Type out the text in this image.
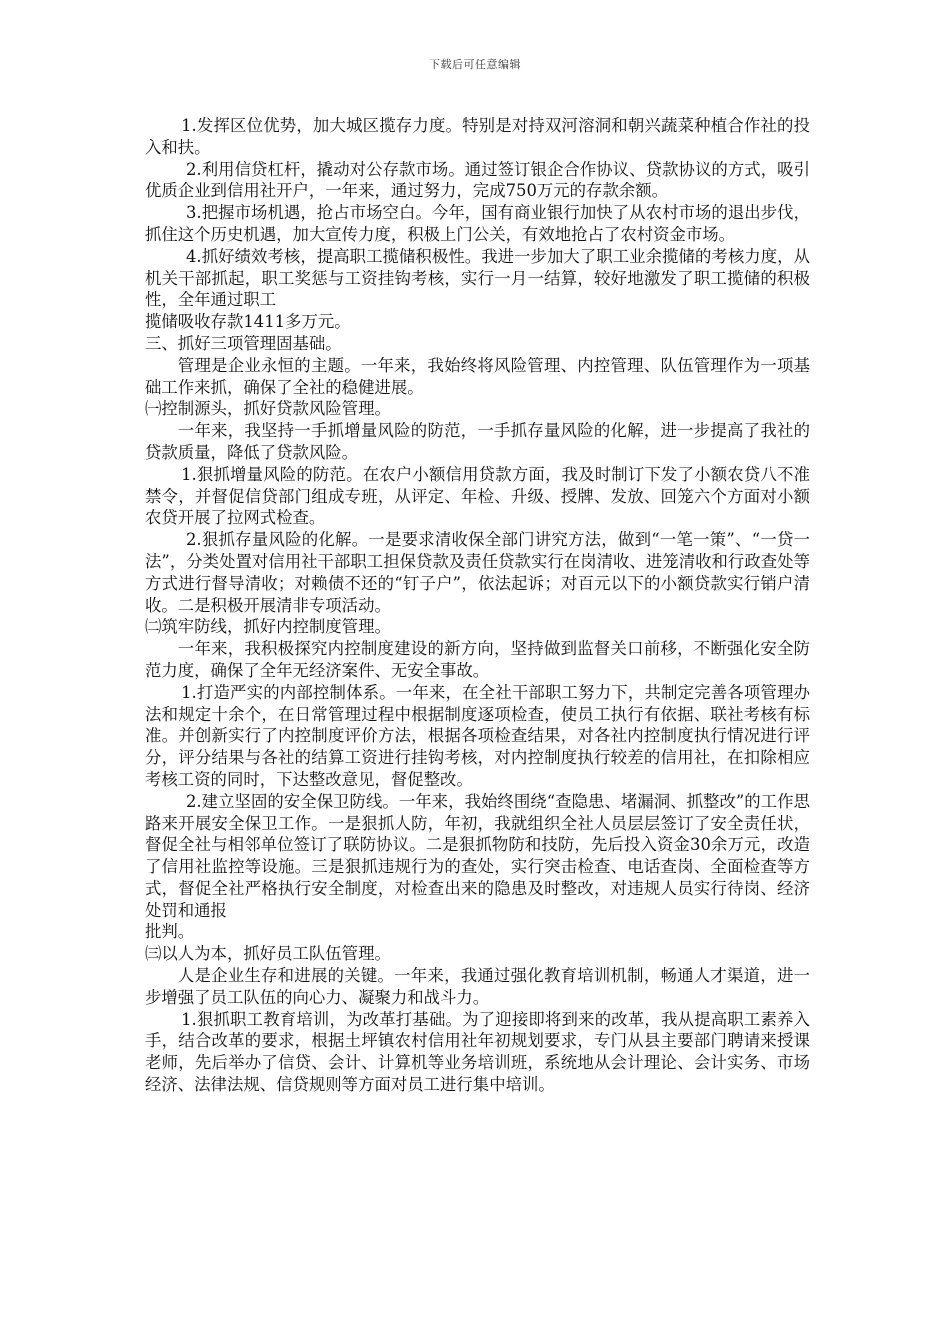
下载后可任意编辑

1.发挥区位优势，加大城区揽存力度。特别是对持双河溶洞和朝兴蔬菜种植合作社的投入和扶。

2.利用信贷杠杆，撬动对公存款市场。通过签订银企合作协议、贷款协议的方式，吸引优质企业到信用社开户，一年来，通过努力，完成750万元的存款余额。

3.把握市场机遇，抢占市场空白。今年，国有商业银行加快了从农村市场的退出步伐，抓住这个历史机遇，加大宣传力度，积极上门公关，有效地抢占了农村资金市场。

4.抓好绩效考核，提高职工揽储积极性。我进一步加大了职工业余揽储的考核力度，从机关干部抓起，职工奖惩与工资挂钩考核，实行一月一结算，较好地激发了职工揽储的积极性，全年通过职工

揽储吸收存款1411多万元。

三、抓好三项管理固基础。

管理是企业永恒的主题。一年来，我始终将风险管理、内控管理、队伍管理作为一项基础工作来抓，确保了全社的稳健进展。

㈠控制源头，抓好贷款风险管理。

一年来，我坚持一手抓增量风险的防范，一手抓存量风险的化解，进一步提高了我社的贷款质量，降低了贷款风险。

1.狠抓增量风险的防范。在农户小额信用贷款方面，我及时制订下发了小额农贷八不准禁令，并督促信贷部门组成专班，从评定、年检、升级、授牌、发放、回笼六个方面对小额农贷开展了拉网式检查。

2.狠抓存量风险的化解。一是要求清收保全部门讲究方法，做到“一笔一策”、“一贷一法”，分类处置对信用社干部职工担保贷款及责任贷款实行在岗清收、进笼清收和行政查处等方式进行督导清收；对赖债不还的“钉子户”，依法起诉；对百元以下的小额贷款实行销户清收。二是积极开展清非专项活动。

㈡筑牢防线，抓好内控制度管理。

一年来，我积极探究内控制度建设的新方向，坚持做到监督关口前移，不断强化安全防范力度，确保了全年无经济案件、无安全事故。

1.打造严实的内部控制体系。一年来，在全社干部职工努力下，共制定完善各项管理办法和规定十余个，在日常管理过程中根据制度逐项检查，使员工执行有依据、联社考核有标准。并创新实行了内控制度评价方法，根据各项检查结果，对各社内控制度执行情况进行评分，评分结果与各社的结算工资进行挂钩考核，对内控制度执行较差的信用社，在扣除相应考核工资的同时，下达整改意见，督促整改。

2.建立坚固的安全保卫防线。一年来，我始终围绕“查隐患、堵漏洞、抓整改”的工作思路来开展安全保卫工作。一是狠抓人防，年初，我就组织全社人员层层签订了安全责任状，督促全社与相邻单位签订了联防协议。二是狠抓物防和技防，先后投入资金30余万元，改造了信用社监控等设施。三是狠抓违规行为的查处，实行突击检查、电话查岗、全面检查等方式，督促全社严格执行安全制度，对检查出来的隐患及时整改，对违规人员实行待岗、经济处罚和通报

批判。

㈢以人为本，抓好员工队伍管理。

人是企业生存和进展的关键。一年来，我通过强化教育培训机制，畅通人才渠道，进一步增强了员工队伍的向心力、凝聚力和战斗力。

1.狠抓职工教育培训，为改革打基础。为了迎接即将到来的改革，我从提高职工素养入手，结合改革的要求，根据土坪镇农村信用社年初规划要求，专门从县主要部门聘请来授课老师，先后举办了信贷、会计、计算机等业务培训班，系统地从会计理论、会计实务、市场经济、法律法规、信贷规则等方面对员工进行集中培训。
